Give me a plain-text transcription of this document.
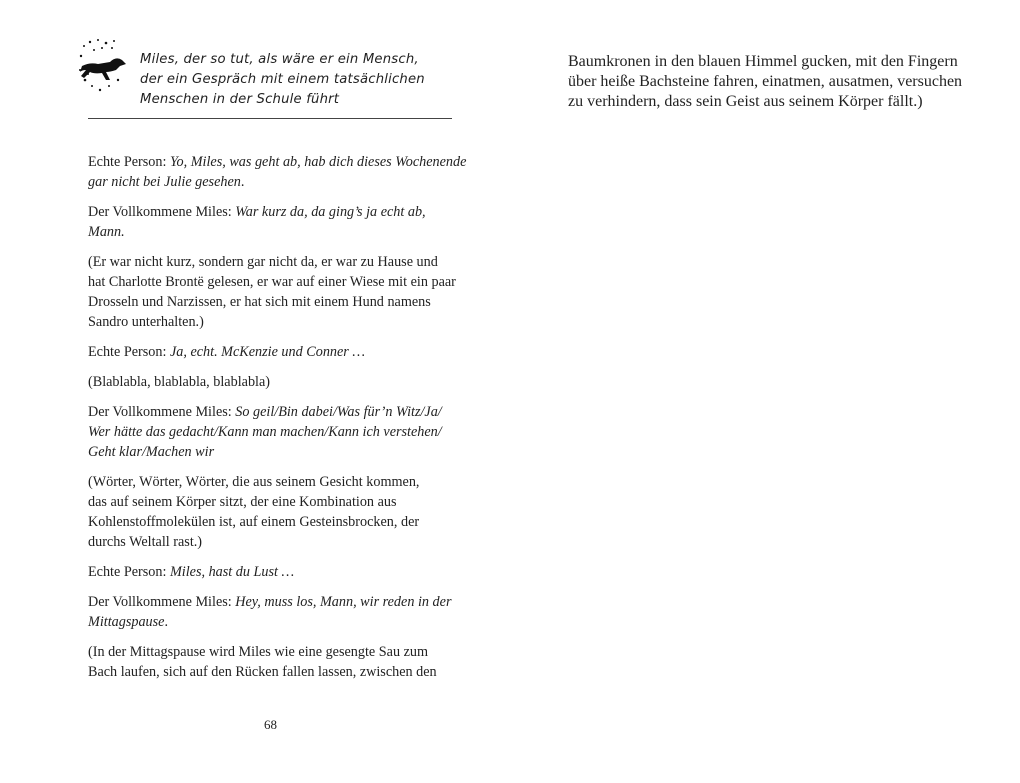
Miles, der so tut, als wäre er ein Mensch,
der ein Gespräch mit einem tatsächlichen
Menschen in der Schule führt

Echte Person: Yo, Miles, was geht ab, hab dich dieses Wochenende
gar nicht bei Julie gesehen.

Der Vollkommene Miles: War kurz da, da ging’s ja echt ab,
Mann.

(Er war nicht kurz, sondern gar nicht da, er war zu Hause und
hat Charlotte Brontë gelesen, er war auf einer Wiese mit ein paar
Drosseln und Narzissen, er hat sich mit einem Hund namens
Sandro unterhalten.)

Echte Person: Ja, echt. McKenzie und Conner …

(Blablabla, blablabla, blablabla)

Der Vollkommene Miles: So geil/Bin dabei/Was für’n Witz/Ja/
Wer hätte das gedacht/Kann man machen/Kann ich verstehen/
Geht klar/Machen wir

(Wörter, Wörter, Wörter, die aus seinem Gesicht kommen,
das auf seinem Körper sitzt, der eine Kombination aus
Kohlenstoffmolekülen ist, auf einem Gesteinsbrocken, der
durchs Weltall rast.)

Echte Person: Miles, hast du Lust …

Der Vollkommene Miles: Hey, muss los, Mann, wir reden in der
Mittagspause.

(In der Mittagspause wird Miles wie eine gesengte Sau zum
Bach laufen, sich auf den Rücken fallen lassen, zwischen den

68

Baumkronen in den blauen Himmel gucken, mit den Fingern
über heiße Bachsteine fahren, einatmen, ausatmen, versuchen
zu verhindern, dass sein Geist aus seinem Körper fällt.)
